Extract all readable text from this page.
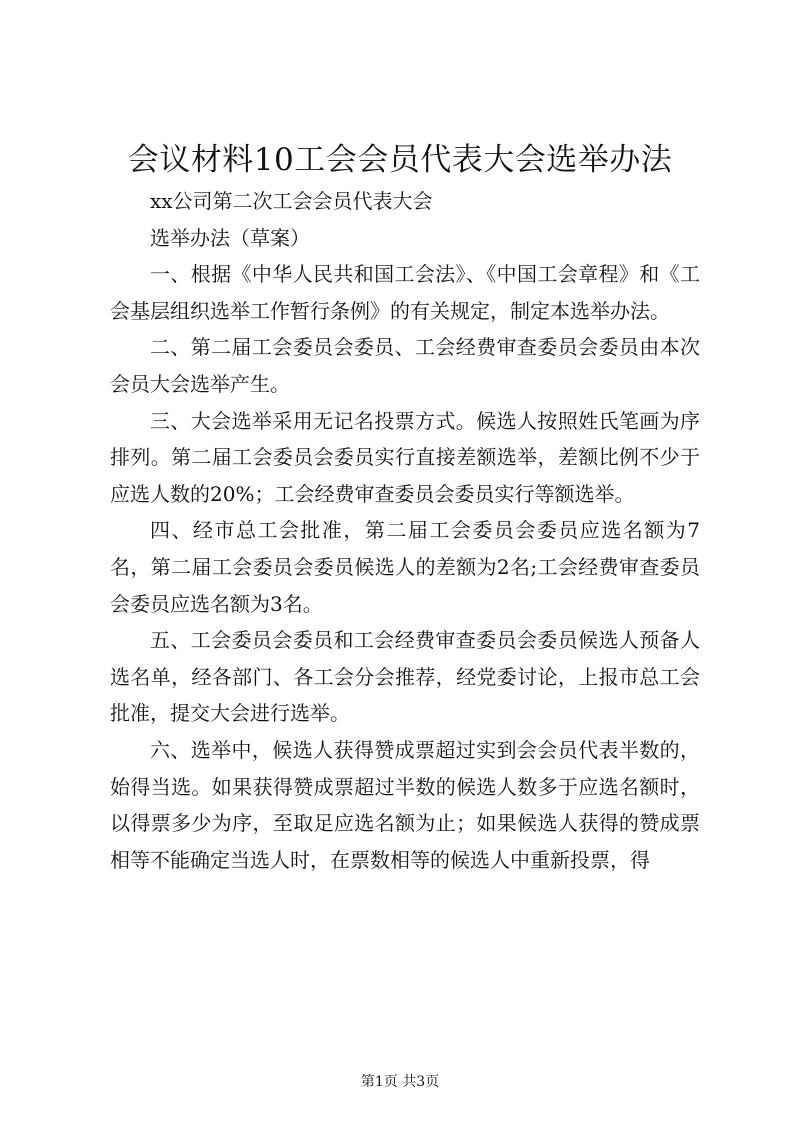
会议材料10工会会员代表大会选举办法

xx公司第二次工会会员代表大会

选举办法（草案）

一、根据《中华人民共和国工会法》、《中国工会章程》和《工会基层组织选举工作暂行条例》的有关规定，制定本选举办法。

二、第二届工会委员会委员、工会经费审查委员会委员由本次会员大会选举产生。

三、大会选举采用无记名投票方式。候选人按照姓氏笔画为序排列。第二届工会委员会委员实行直接差额选举，差额比例不少于应选人数的20%；工会经费审查委员会委员实行等额选举。

四、经市总工会批准，第二届工会委员会委员应选名额为7名，第二届工会委员会委员候选人的差额为2名;工会经费审查委员会委员应选名额为3名。

五、工会委员会委员和工会经费审查委员会委员候选人预备人选名单，经各部门、各工会分会推荐，经党委讨论，上报市总工会批准，提交大会进行选举。

六、选举中，候选人获得赞成票超过实到会会员代表半数的，始得当选。如果获得赞成票超过半数的候选人数多于应选名额时，以得票多少为序，至取足应选名额为止；如果候选人获得的赞成票相等不能确定当选人时，在票数相等的候选人中重新投票，得

第1页 共3页
